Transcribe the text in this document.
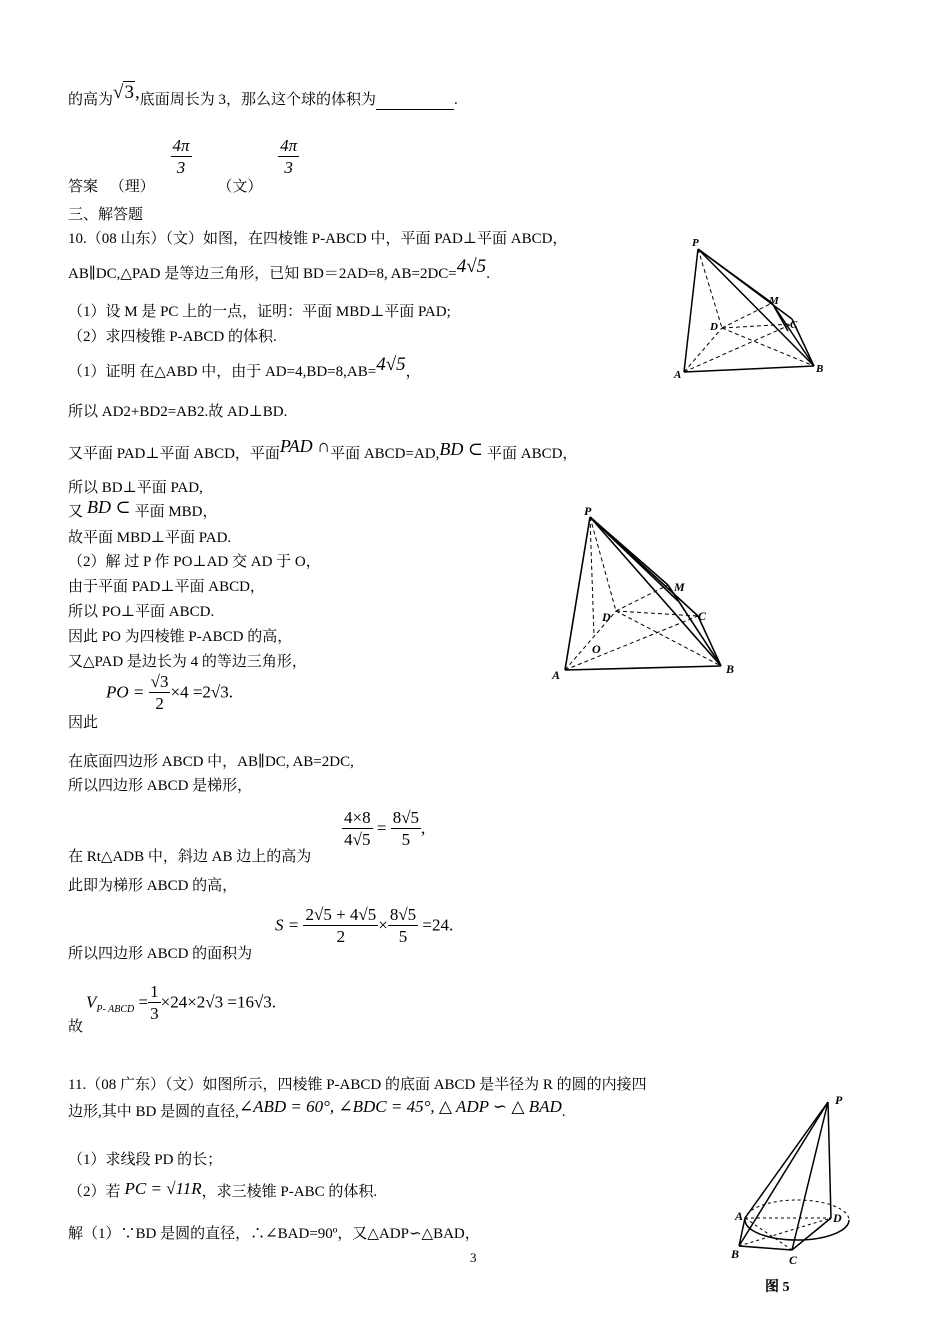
的高为√3,底面周长为 3，那么这个球的体积为	.
答案 （理）
$\frac{4\pi}{3}$
（文）
$\frac{4\pi}{3}$
三、解答题
10.（08 山东）（文）如图，在四棱锥 P-ABCD 中，平面 PAD⊥平面 ABCD，
AB∥DC,△PAD 是等边三角形，已知 BD＝2AD=8, AB=2DC=4√5.
（1）设 M 是 PC 上的一点，证明：平面 MBD⊥平面 PAD;
（2）求四棱锥 P-ABCD 的体积.
（1）证明 在△ABD 中，由于 AD=4,BD=8,AB=4√5，
所以 AD2+BD2=AB2.故 AD⊥BD.
又平面 PAD⊥平面 ABCD，平面PAD ∩平面 ABCD=AD,BD ⊂ 平面 ABCD，
所以 BD⊥平面 PAD,
又 BD ⊂ 平面 MBD，
故平面 MBD⊥平面 PAD.
（2）解 过 P 作 PO⊥AD 交 AD 于 O，
由于平面 PAD⊥平面 ABCD，
所以 PO⊥平面 ABCD.
因此 PO 为四棱锥 P-ABCD 的高，
又△PAD 是边长为 4 的等边三角形，
因此
PO = $\frac{√3}{2} \times 4 =2√3$.
在底面四边形 ABCD 中，AB∥DC, AB=2DC,
所以四边形 ABCD 是梯形，
在 Rt△ADB 中，斜边 AB 边上的高为
$\frac{4\times 8}{4√5} = \frac{8√5}{5}$ ,
此即为梯形 ABCD 的高，
所以四边形 ABCD 的面积为
$S = \frac{2√5 + 4√5}{2} \times \frac{8√5}{5} =24$.
故
$V_{P- ABCD} = \frac{1}{3} \times 24\times 2√3 =16√3$.
11.（08 广东）（文）如图所示，四棱锥 P-ABCD 的底面 ABCD 是半径为 R 的圆的内接四
边形,其中 BD 是圆的直径,∠ABD = 60°, ∠BDC = 45°, △ ADP ∽ △ BAD.
（1）求线段 PD 的长；
（2）若 PC = √11R，求三棱锥 P-ABC 的体积.
解（1）∵BD 是圆的直径，∴∠BAD=90º，又△ADP∽△BAD，
3
P
M
D	C
A	B
P
M
D	C
O
A	B
P
A	D
B	C
图 5
